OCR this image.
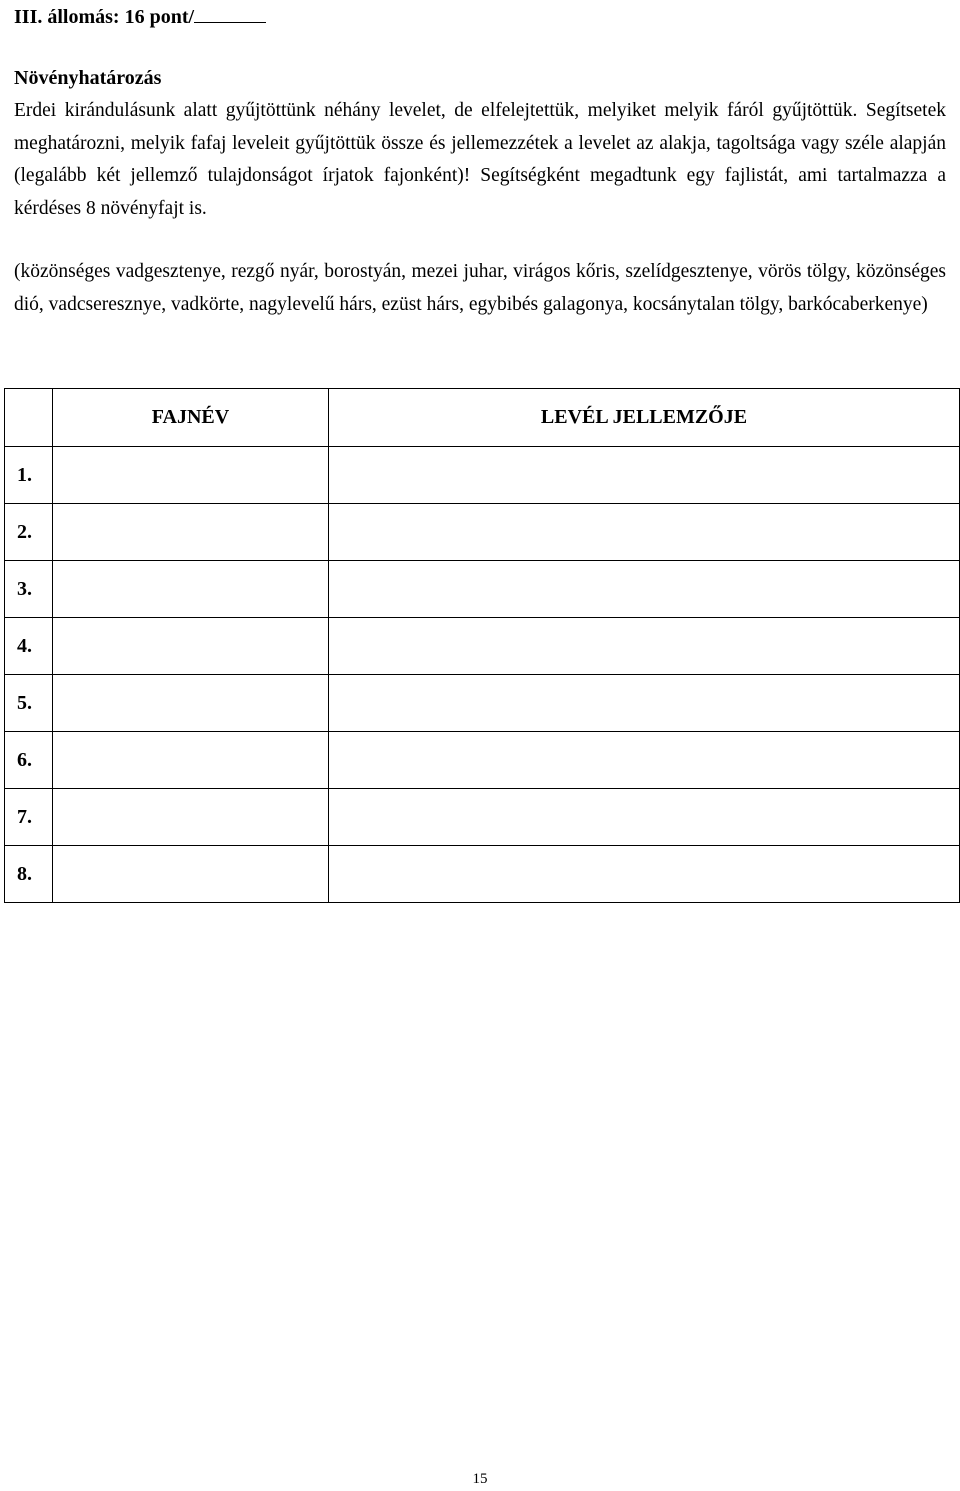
III. állomás: 16 pont/
Növényhatározás

Erdei kirándulásunk alatt gyűjtöttünk néhány levelet, de elfelejtettük, melyiket melyik fáról gyűjtöttük. Segítsetek meghatározni, melyik fafaj leveleit gyűjtöttük össze és jellemezzétek a levelet az alakja, tagoltsága vagy széle alapján (legalább két jellemző tulajdonságot írjatok fajonként)! Segítségként megadtunk egy fajlistát, ami tartalmazza a kérdéses 8 növényfajt is.

(közönséges vadgesztenye, rezgő nyár, borostyán, mezei juhar, virágos kőris, szelídgesztenye, vörös tölgy, közönséges dió, vadcseresznye, vadkörte, nagylevelű hárs, ezüst hárs, egybibés galagonya, kocsánytalan tölgy, barkócaberkenye)

	FAJNÉV	LEVÉL JELLEMZŐJE
1.		
2.		
3.		
4.		
5.		
6.		
7.		
8.		
15
